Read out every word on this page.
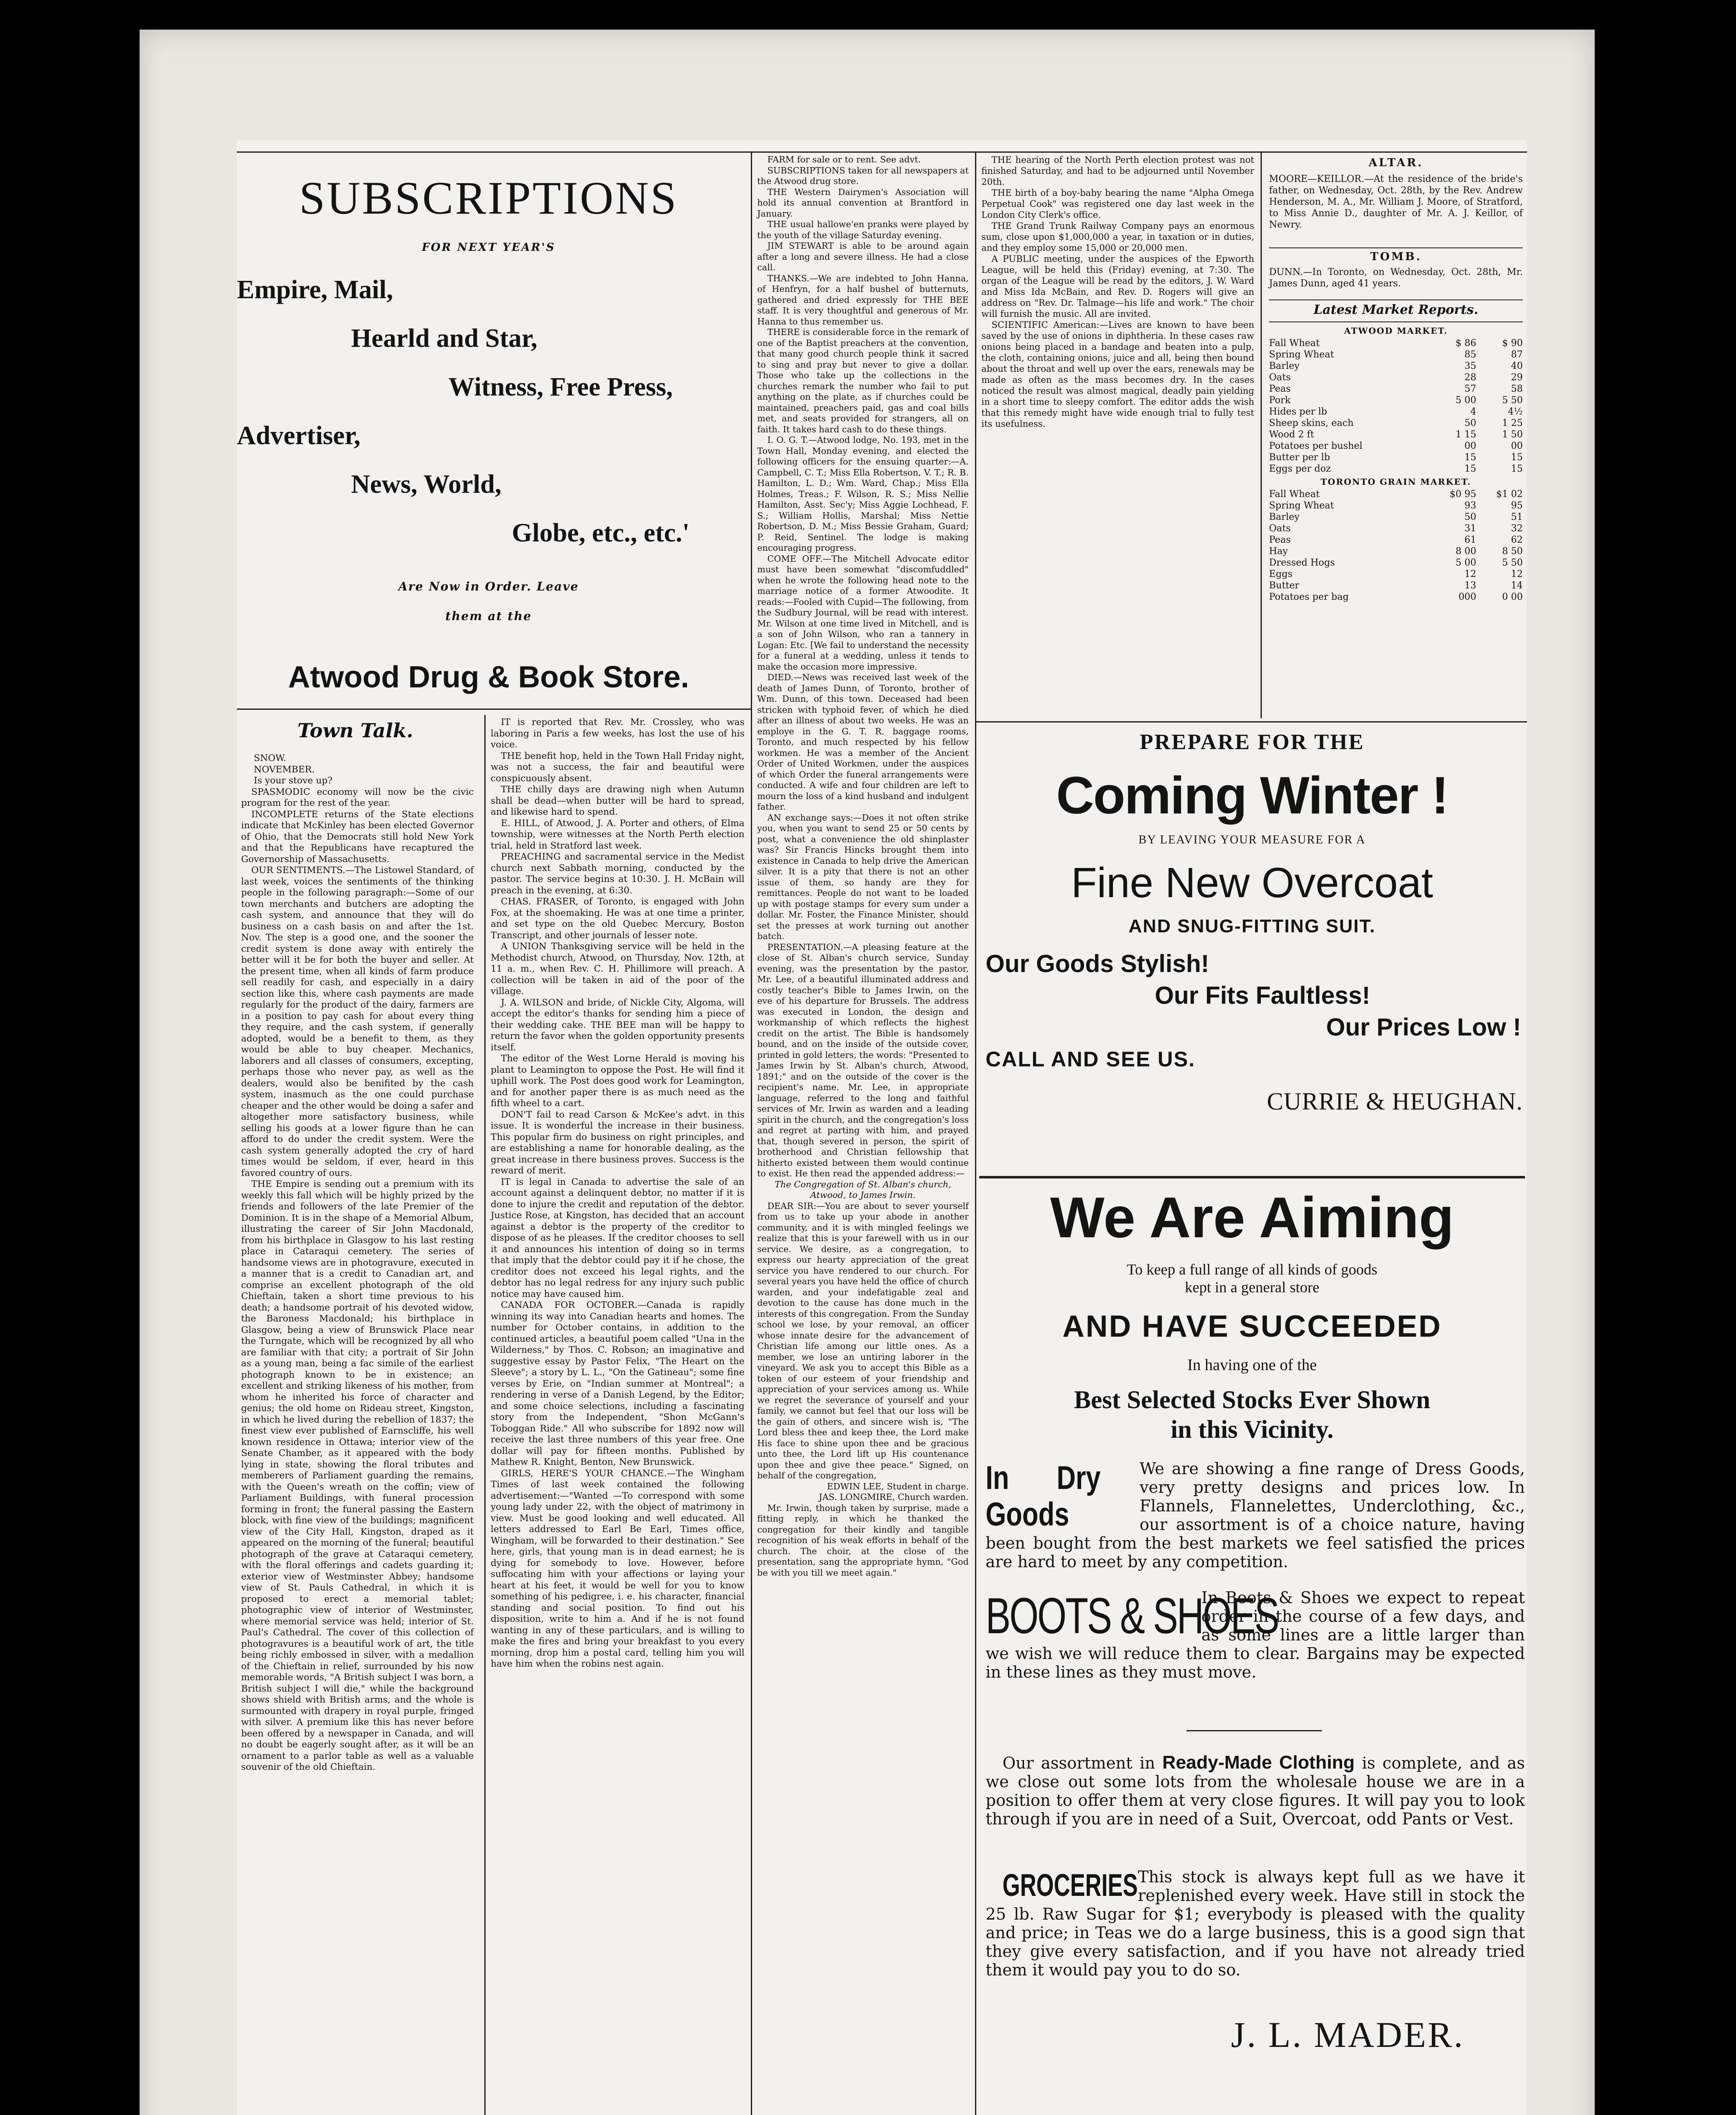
SUBSCRIPTIONS
FOR NEXT YEAR'S
Empire, Mail,
Hearld and Star,
Witness, Free Press,
Advertiser,
News, World,
Globe, etc., etc.'
Are Now in Order. Leave
them at the
Atwood Drug & Book Store.
Town Talk.
SNOW.
NOVEMBER.
Is your stove up?

SPASMODIC economy will now be the civic program for the rest of the year.

INCOMPLETE returns of the State elections indicate that McKinley has been elected Governor of Ohio, that the Democrats still hold New York and that the Republicans have recaptured the Governorship of Massachusetts.

OUR SENTIMENTS.—The Listowel Standard, of last week, voices the sentiments of the thinking people in the following paragraph:—Some of our town merchants and butchers are adopting the cash system, and announce that they will do business on a cash basis on and after the 1st. Nov. The step is a good one, and the sooner the credit system is done away with entirely the better will it be for both the buyer and seller. At the present time, when all kinds of farm produce sell readily for cash, and especially in a dairy section like this, where cash payments are made regularly for the product of the dairy, farmers are in a position to pay cash for about every thing they require, and the cash system, if generally adopted, would be a benefit to them, as they would be able to buy cheaper. Mechanics, laborers and all classes of consumers, excepting, perhaps those who never pay, as well as the dealers, would also be benifited by the cash system, inasmuch as the one could purchase cheaper and the other would be doing a safer and altogether more satisfactory business, while selling his goods at a lower figure than he can afford to do under the credit system. Were the cash system generally adopted the cry of hard times would be seldom, if ever, heard in this favored country of ours.

THE Empire is sending out a premium with its weekly this fall which will be highly prized by the friends and followers of the late Premier of the Dominion. It is in the shape of a Memorial Album, illustrating the career of Sir John Macdonald, from his birthplace in Glasgow to his last resting place in Cataraqui cemetery. The series of handsome views are in photogravure, executed in a manner that is a credit to Canadian art, and comprise an excellent photograph of the old Chieftain, taken a short time previous to his death; a handsome portrait of his devoted widow, the Baroness Macdonald; his birthplace in Glasgow, being a view of Brunswick Place near the Turngate, which will be recognized by all who are familiar with that city; a portrait of Sir John as a young man, being a fac simile of the earliest photograph known to be in existence; an excellent and striking likeness of his mother, from whom he inherited his force of character and genius; the old home on Rideau street, Kingston, in which he lived during the rebellion of 1837; the finest view ever published of Earnscliffe, his well known residence in Ottawa; interior view of the Senate Chamber, as it appeared with the body lying in state, showing the floral tributes and memberers of Parliament guarding the remains, with the Queen's wreath on the coffin; view of Parliament Buildings, with funeral procession forming in front; the funeral passing the Eastern block, with fine view of the buildings; magnificent view of the City Hall, Kingston, draped as it appeared on the morning of the funeral; beautiful photograph of the grave at Cataraqui cemetery, with the floral offerings and cadets guarding it; exterior view of Westminster Abbey; handsome view of St. Pauls Cathedral, in which it is proposed to erect a memorial tablet; photographic view of interior of Westminster, where memorial service was held; interior of St. Paul's Cathedral. The cover of this collection of photogravures is a beautiful work of art, the title being richly embossed in silver, with a medallion of the Chieftain in relief, surrounded by his now memorable words, "A British subject I was born, a British subject I will die," while the background shows shield with British arms, and the whole is surmounted with drapery in royal purple, fringed with silver. A premium like this has never before been offered by a newspaper in Canada, and will no doubt be eagerly sought after, as it will be an ornament to a parlor table as well as a valuable souvenir of the old Chieftain.

IT is reported that Rev. Mr. Crossley, who was laboring in Paris a few weeks, has lost the use of his voice.

THE benefit hop, held in the Town Hall Friday night, was not a success, the fair and beautiful were conspicuously absent.

THE chilly days are drawing nigh when Autumn shall be dead—when butter will be hard to spread, and likewise hard to spend.

E. HILL, of Atwood, J. A. Porter and others, of Elma township, were witnesses at the North Perth election trial, held in Stratford last week.

PREACHING and sacramental service in the Medist church next Sabbath morning, conducted by the pastor. The service begins at 10:30. J. H. McBain will preach in the evening, at 6:30.

CHAS. FRASER, of Toronto, is engaged with John Fox, at the shoemaking. He was at one time a printer, and set type on the old Quebec Mercury, Boston Transcript, and other journals of lesser note.

A UNION Thanksgiving service will be held in the Methodist church, Atwood, on Thursday, Nov. 12th, at 11 a. m., when Rev. C. H. Phillimore will preach. A collection will be taken in aid of the poor of the village.

J. A. WILSON and bride, of Nickle City, Algoma, will accept the editor's thanks for sending him a piece of their wedding cake. THE BEE man will be happy to return the favor when the golden opportunity presents itself.

The editor of the West Lorne Herald is moving his plant to Leamington to oppose the Post. He will find it uphill work. The Post does good work for Leamington, and for another paper there is as much need as the fifth wheel to a cart.

DON'T fail to read Carson & McKee's advt. in this issue. It is wonderful the increase in their business. This popular firm do business on right principles, and are establishing a name for honorable dealing, as the great increase in there business proves. Success is the reward of merit.

IT is legal in Canada to advertise the sale of an account against a delinquent debtor, no matter if it is done to injure the credit and reputation of the debtor. Justice Rose, at Kingston, has decided that an account against a debtor is the property of the creditor to dispose of as he pleases. If the creditor chooses to sell it and announces his intention of doing so in terms that imply that the debtor could pay it if he chose, the creditor does not exceed his legal rights, and the debtor has no legal redress for any injury such public notice may have caused him.

CANADA FOR OCTOBER.—Canada is rapidly winning its way into Canadian hearts and homes. The number for October contains, in addition to the continued articles, a beautiful poem called "Una in the Wilderness," by Thos. C. Robson; an imaginative and suggestive essay by Pastor Felix, "The Heart on the Sleeve"; a story by L. L., "On the Gatineau"; some fine verses by Erie, on "Indian summer at Montreal"; a rendering in verse of a Danish Legend, by the Editor; and some choice selections, including a fascinating story from the Independent, "Shon McGann's Toboggan Ride." All who subscribe for 1892 now will receive the last three numbers of this year free. One dollar will pay for fifteen months. Published by Mathew R. Knight, Benton, New Brunswick.

GIRLS, HERE'S YOUR CHANCE.—The Wingham Times of last week contained the following advertisement:—"Wanted —To correspond with some young lady under 22, with the object of matrimony in view. Must be good looking and well educated. All letters addressed to Earl Be Earl, Times office, Wingham, will be forwarded to their destination." See here, girls, that young man is in dead earnest; he is dying for somebody to love. However, before suffocating him with your affections or laying your heart at his feet, it would be well for you to know something of his pedigree, i. e. his character, financial standing and social position. To find out his disposition, write to him a. And if he is not found wanting in any of these particulars, and is willing to make the fires and bring your breakfast to you every morning, drop him a postal card, telling him you will have him when the robins nest again.

FARM for sale or to rent. See advt.

SUBSCRIPTIONS taken for all newspapers at the Atwood drug store.

THE Western Dairymen's Association will hold its annual convention at Brantford in January.

THE usual hallowe'en pranks were played by the youth of the village Saturday evening.

JIM STEWART is able to be around again after a long and severe illness. He had a close call.

THANKS.—We are indebted to John Hanna, of Henfryn, for a half bushel of butternuts, gathered and dried expressly for THE BEE staff. It is very thoughtful and generous of Mr. Hanna to thus remember us.

THERE is considerable force in the remark of one of the Baptist preachers at the convention, that many good church people think it sacred to sing and pray but never to give a dollar. Those who take up the collections in the churches remark the number who fail to put anything on the plate, as if churches could be maintained, preachers paid, gas and coal bills met, and seats provided for strangers, all on faith. It takes hard cash to do these things.

I. O. G. T.—Atwood lodge, No. 193, met in the Town Hall, Monday evening, and elected the following officers for the ensuing quarter:—A. Campbell, C. T.; Miss Ella Robertson, V. T.; R. B. Hamilton, L. D.; Wm. Ward, Chap.; Miss Ella Holmes, Treas.; F. Wilson, R. S.; Miss Nellie Hamilton, Asst. Sec'y; Miss Aggie Lochhead, F. S.; William Hollis, Marshal; Miss Nettie Robertson, D. M.; Miss Bessie Graham, Guard; P. Reid, Sentinel. The lodge is making encouraging progress.

COME OFF.—The Mitchell Advocate editor must have been somewhat "discomfuddled" when he wrote the following head note to the marriage notice of a former Atwoodite. It reads:—Fooled with Cupid—The following, from the Sudbury Journal, will be read with interest. Mr. Wilson at one time lived in Mitchell, and is a son of John Wilson, who ran a tannery in Logan: Etc. [We fail to understand the necessity for a funeral at a wedding, unless it tends to make the occasion more impressive.

DIED.—News was received last week of the death of James Dunn, of Toronto, brother of Wm. Dunn, of this town. Deceased had been stricken with typhoid fever, of which he died after an illness of about two weeks. He was an employe in the G. T. R. baggage rooms, Toronto, and much respected by his fellow workmen. He was a member of the Ancient Order of United Workmen, under the auspices of which Order the funeral arrangements were conducted. A wife and four children are left to mourn the loss of a kind husband and indulgent father.

AN exchange says:—Does it not often strike you, when you want to send 25 or 50 cents by post, what a convenience the old shinplaster was? Sir Francis Hincks brought them into existence in Canada to help drive the American silver. It is a pity that there is not an other issue of them, so handy are they for remittances. People do not want to be loaded up with postage stamps for every sum under a dollar. Mr. Foster, the Finance Minister, should set the presses at work turning out another batch.

PRESENTATION.—A pleasing feature at the close of St. Alban's church service, Sunday evening, was the presentation by the pastor, Mr. Lee, of a beautiful illuminated address and costly teacher's Bible to James Irwin, on the eve of his departure for Brussels. The address was executed in London, the design and workmanship of which reflects the highest credit on the artist. The Bible is handsomely bound, and on the inside of the outside cover, printed in gold letters, the words: "Presented to James Irwin by St. Alban's church, Atwood, 1891;" and on the outside of the cover is the recipient's name. Mr. Lee, in appropriate language, referred to the long and faithful services of Mr. Irwin as warden and a leading spirit in the church, and the congregation's loss and regret at parting with him, and prayed that, though severed in person, the spirit of brotherhood and Christian fellowship that hitherto existed between them would continue to exist. He then read the appended address:—

The Congregation of St. Alban's church, Atwood, to James Irwin.

DEAR SIR:—You are about to sever yourself from us to take up your abode in another community, and it is with mingled feelings we realize that this is your farewell with us in our service. We desire, as a congregation, to express our hearty appreciation of the great service you have rendered to our church. For several years you have held the office of church warden, and your indefatigable zeal and devotion to the cause has done much in the interests of this congregation. From the Sunday school we lose, by your removal, an officer whose innate desire for the advancement of Christian life among our little ones. As a member, we lose an untiring laborer in the vineyard. We ask you to accept this Bible as a token of our esteem of your friendship and appreciation of your services among us. While we regret the severance of yourself and your family, we cannot but feel that our loss will be the gain of others, and sincere wish is, "The Lord bless thee and keep thee, the Lord make His face to shine upon thee and be gracious unto thee, the Lord lift up His countenance upon thee and give thee peace." Signed, on behalf of the congregation,

EDWIN LEE, Student in charge.

JAS. LONGMIRE, Church warden.

Mr. Irwin, though taken by surprise, made a fitting reply, in which he thanked the congregation for their kindly and tangible recognition of his weak efforts in behalf of the church. The choir, at the close of the presentation, sang the appropriate hymn, "God be with you till we meet again."

THE hearing of the North Perth election protest was not finished Saturday, and had to be adjourned until November 20th.

THE birth of a boy-baby bearing the name "Alpha Omega Perpetual Cook" was registered one day last week in the London City Clerk's office.

THE Grand Trunk Railway Company pays an enormous sum, close upon $1,000,000 a year, in taxation or in duties, and they employ some 15,000 or 20,000 men.

A PUBLIC meeting, under the auspices of the Epworth League, will be held this (Friday) evening, at 7:30. The organ of the League will be read by the editors, J. W. Ward and Miss Ida McBain, and Rev. D. Rogers will give an address on "Rev. Dr. Talmage—his life and work." The choir will furnish the music. All are invited.

SCIENTIFIC American:—Lives are known to have been saved by the use of onions in diphtheria. In these cases raw onions being placed in a bandage and beaten into a pulp, the cloth, containing onions, juice and all, being then bound about the throat and well up over the ears, renewals may be made as often as the mass becomes dry. In the cases noticed the result was almost magical, deadly pain yielding in a short time to sleepy comfort. The editor adds the wish that this remedy might have wide enough trial to fully test its usefulness.

ALTAR.
MOORE—KEILLOR.—At the residence of the bride's father, on Wednesday, Oct. 28th, by the Rev. Andrew Henderson, M. A., Mr. William J. Moore, of Stratford, to Miss Annie D., daughter of Mr. A. J. Keillor, of Newry.
TOMB.
DUNN.—In Toronto, on Wednesday, Oct. 28th, Mr. James Dunn, aged 41 years.
Latest Market Reports.
ATWOOD MARKET.
Fall Wheat	$ 86	$ 90
Spring Wheat	85	87
Barley	35	40
Oats	28	29
Peas	57	58
Pork	5 00	5 50
Hides per lb	4	4½
Sheep skins, each	50	1 25
Wood 2 ft	1 15	1 50
Potatoes per bushel	00	00
Butter per lb	15	15
Eggs per doz	15	15
TORONTO GRAIN MARKET.
Fall Wheat	$0 95	$1 02
Spring Wheat	93	95
Barley	50	51
Oats	31	32
Peas	61	62
Hay	8 00	8 50
Dressed Hogs	5 00	5 50
Eggs	12	12
Butter	13	14
Potatoes per bag	000	0 00
PREPARE FOR THE
Coming Winter !
BY LEAVING YOUR MEASURE FOR A
Fine New Overcoat
AND SNUG-FITTING SUIT.
Our Goods Stylish!
Our Fits Faultless!
Our Prices Low !
CALL AND SEE US.
CURRIE & HEUGHAN.
We Are Aiming
To keep a full range of all kinds of goods
kept in a general store
AND HAVE SUCCEEDED
In having one of the
Best Selected Stocks Ever Shown
in this Vicinity.
In Dry Goods
We are showing a fine range of Dress Goods, very pretty designs and prices low. In Flannels, Flannelettes, Underclothing, &c., our assortment is of a choice nature, having been bought from the best markets we feel satisfied the prices are hard to meet by any competition.
BOOTS & SHOES
In Boots & Shoes we expect to repeat order in the course of a few days, and as some lines are a little larger than we wish we will reduce them to clear. Bargains may be expected in these lines as they must move.
Our assortment in Ready-Made Clothing is complete, and as we close out some lots from the wholesale house we are in a position to offer them at very close figures. It will pay you to look through if you are in need of a Suit, Overcoat, odd Pants or Vest.
GROCERIES This stock is always kept full as we have it replenished every week. Have still in stock the 25 lb. Raw Sugar for $1; everybody is pleased with the quality and price; in Teas we do a large business, this is a good sign that they give every satisfaction, and if you have not already tried them it would pay you to do so.
J. L. MADER.
